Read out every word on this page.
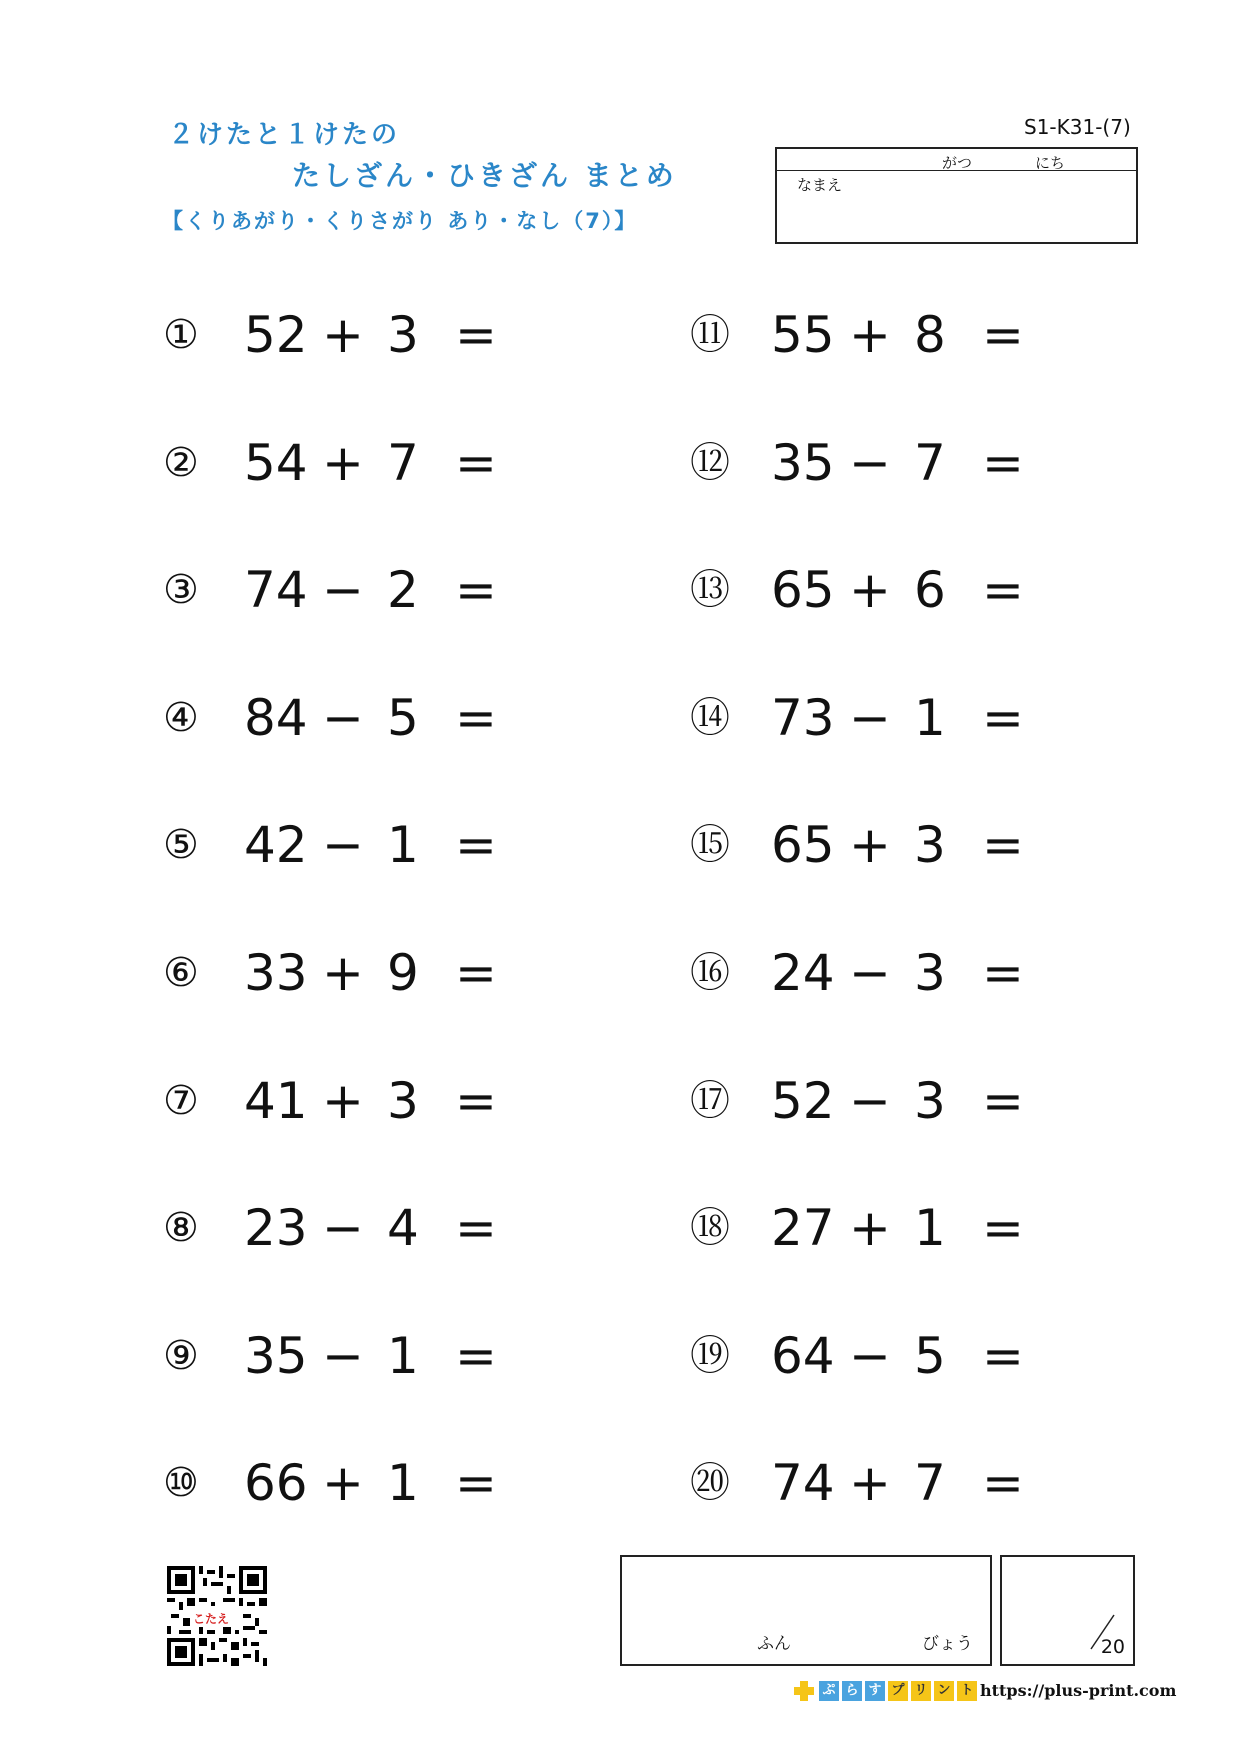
２けたと１けたの
たしざん・ひきざん まとめ
【くりあがり・くりさがり あり・なし（7）】
S1-K31-(7)
がつ	にち
なまえ
① 52 + 3 =
② 54 + 7 =
③ 74 − 2 =
④ 84 − 5 =
⑤ 42 − 1 =
⑥ 33 + 9 =
⑦ 41 + 3 =
⑧ 23 − 4 =
⑨ 35 − 1 =
⑩ 66 + 1 =
⑪ 55 + 8 =
⑫ 35 − 7 =
⑬ 65 + 6 =
⑭ 73 − 1 =
⑮ 65 + 3 =
⑯ 24 − 3 =
⑰ 52 − 3 =
⑱ 27 + 1 =
⑲ 64 − 5 =
⑳ 74 + 7 =
こたえ
ふん	びょう	20
ぷ ら す プ リ ン ト https://plus-print.com
